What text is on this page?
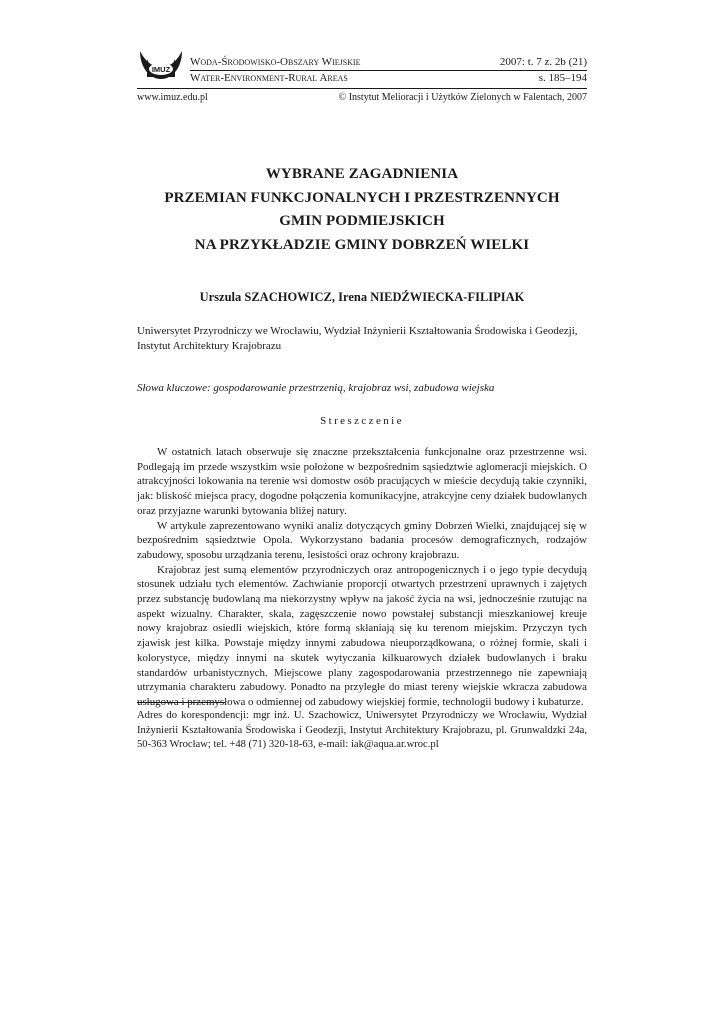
IMUZ
Woda-Środowisko-Obszary Wiejskie
Water-Environment-Rural Areas
2007: t. 7 z. 2b (21)
s. 185–194
www.imuz.edu.pl	© Instytut Melioracji i Użytków Zielonych w Falentach, 2007
WYBRANE ZAGADNIENIA
PRZEMIAN FUNKCJONALNYCH I PRZESTRZENNYCH
GMIN PODMIEJSKICH
NA PRZYKŁADZIE GMINY DOBRZEŃ WIELKI
Urszula SZACHOWICZ, Irena NIEDŹWIECKA-FILIPIAK
Uniwersytet Przyrodniczy we Wrocławiu, Wydział Inżynierii Kształtowania Środowiska i Geodezji, Instytut Architektury Krajobrazu
Słowa kluczowe: gospodarowanie przestrzenią, krajobraz wsi, zabudowa wiejska
Streszczenie

W ostatnich latach obserwuje się znaczne przekształcenia funkcjonalne oraz przestrzenne wsi. Podlegają im przede wszystkim wsie położone w bezpośrednim sąsiedztwie aglomeracji miejskich. O atrakcyjności lokowania na terenie wsi domostw osób pracujących w mieście decydują takie czynniki, jak: bliskość miejsca pracy, dogodne połączenia komunikacyjne, atrakcyjne ceny działek budowlanych oraz przyjazne warunki bytowania bliżej natury.

W artykule zaprezentowano wyniki analiz dotyczących gminy Dobrzeń Wielki, znajdującej się w bezpośrednim sąsiedztwie Opola. Wykorzystano badania procesów demograficznych, rodzajów zabudowy, sposobu urządzania terenu, lesistości oraz ochrony krajobrazu.

Krajobraz jest sumą elementów przyrodniczych oraz antropogenicznych i o jego typie decydują stosunek udziału tych elementów. Zachwianie proporcji otwartych przestrzeni uprawnych i zajętych przez substancję budowlaną ma niekorzystny wpływ na jakość życia na wsi, jednocześnie rzutując na aspekt wizualny. Charakter, skala, zagęszczenie nowo powstałej substancji mieszkaniowej kreuje nowy krajobraz osiedli wiejskich, które formą skłaniają się ku terenom miejskim. Przyczyn tych zjawisk jest kilka. Powstaje między innymi zabudowa nieuporządkowana, o różnej formie, skali i kolorystyce, między innymi na skutek wytyczania kilkuarowych działek budowlanych i braku standardów urbanistycznych. Miejscowe plany zagospodarowania przestrzennego nie zapewniają utrzymania charakteru zabudowy. Ponadto na przyległe do miast tereny wiejskie wkracza zabudowa usługowa i przemysłowa o odmiennej od zabudowy wiejskiej formie, technologii budowy i kubaturze.

Adres do korespondencji: mgr inż. U. Szachowicz, Uniwersytet Przyrodniczy we Wrocławiu, Wydział Inżynierii Kształtowania Środowiska i Geodezji, Instytut Architektury Krajobrazu, pl. Grunwaldzki 24a, 50-363 Wrocław; tel. +48 (71) 320-18-63, e-mail: iak@aqua.ar.wroc.pl
